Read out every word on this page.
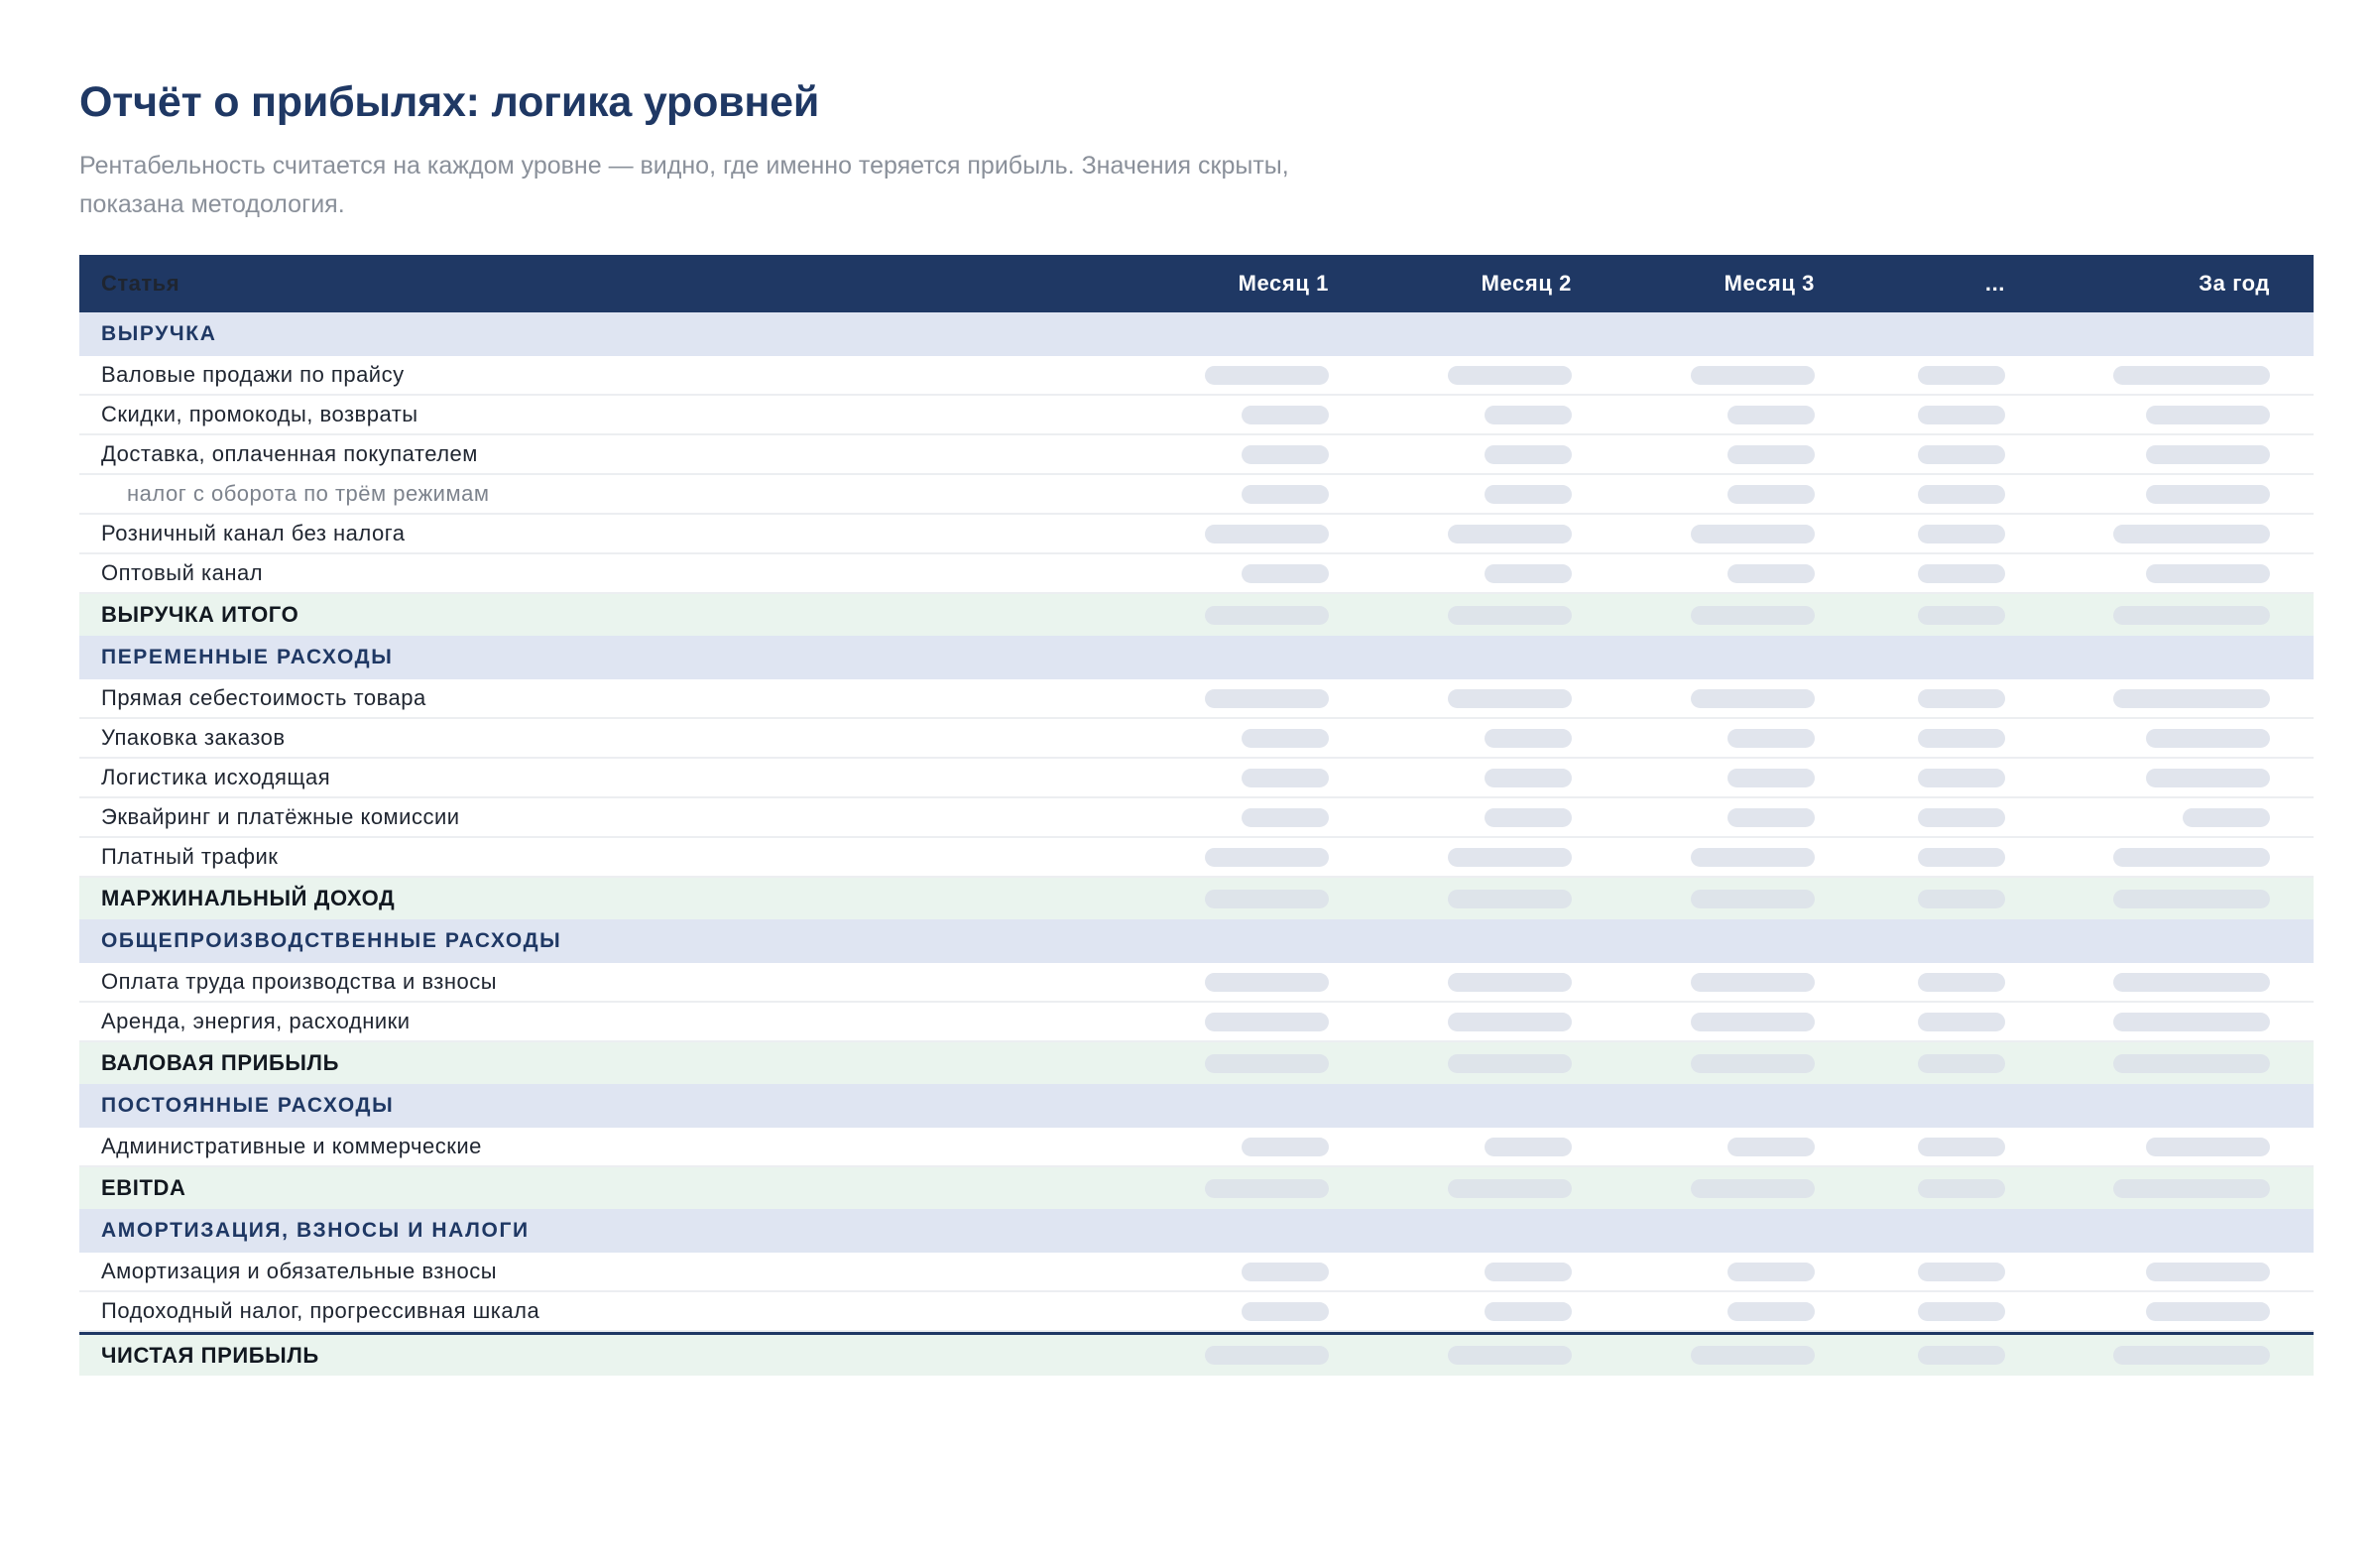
Отчёт о прибылях: логика уровней

Рентабельность считается на каждом уровне — видно, где именно теряется прибыль. Значения скрыты, показана методология.

Статья	Месяц 1	Месяц 2	Месяц 3	...	За год
ВЫРУЧКА
Валовые продажи по прайсу
Скидки, промокоды, возвраты
Доставка, оплаченная покупателем
налог с оборота по трём режимам
Розничный канал без налога
Оптовый канал
ВЫРУЧКА ИТОГО
ПЕРЕМЕННЫЕ РАСХОДЫ
Прямая себестоимость товара
Упаковка заказов
Логистика исходящая
Эквайринг и платёжные комиссии
Платный трафик
МАРЖИНАЛЬНЫЙ ДОХОД
ОБЩЕПРОИЗВОДСТВЕННЫЕ РАСХОДЫ
Оплата труда производства и взносы
Аренда, энергия, расходники
ВАЛОВАЯ ПРИБЫЛЬ
ПОСТОЯННЫЕ РАСХОДЫ
Административные и коммерческие
EBITDA
АМОРТИЗАЦИЯ, ВЗНОСЫ И НАЛОГИ
Амортизация и обязательные взносы
Подоходный налог, прогрессивная шкала
ЧИСТАЯ ПРИБЫЛЬ
